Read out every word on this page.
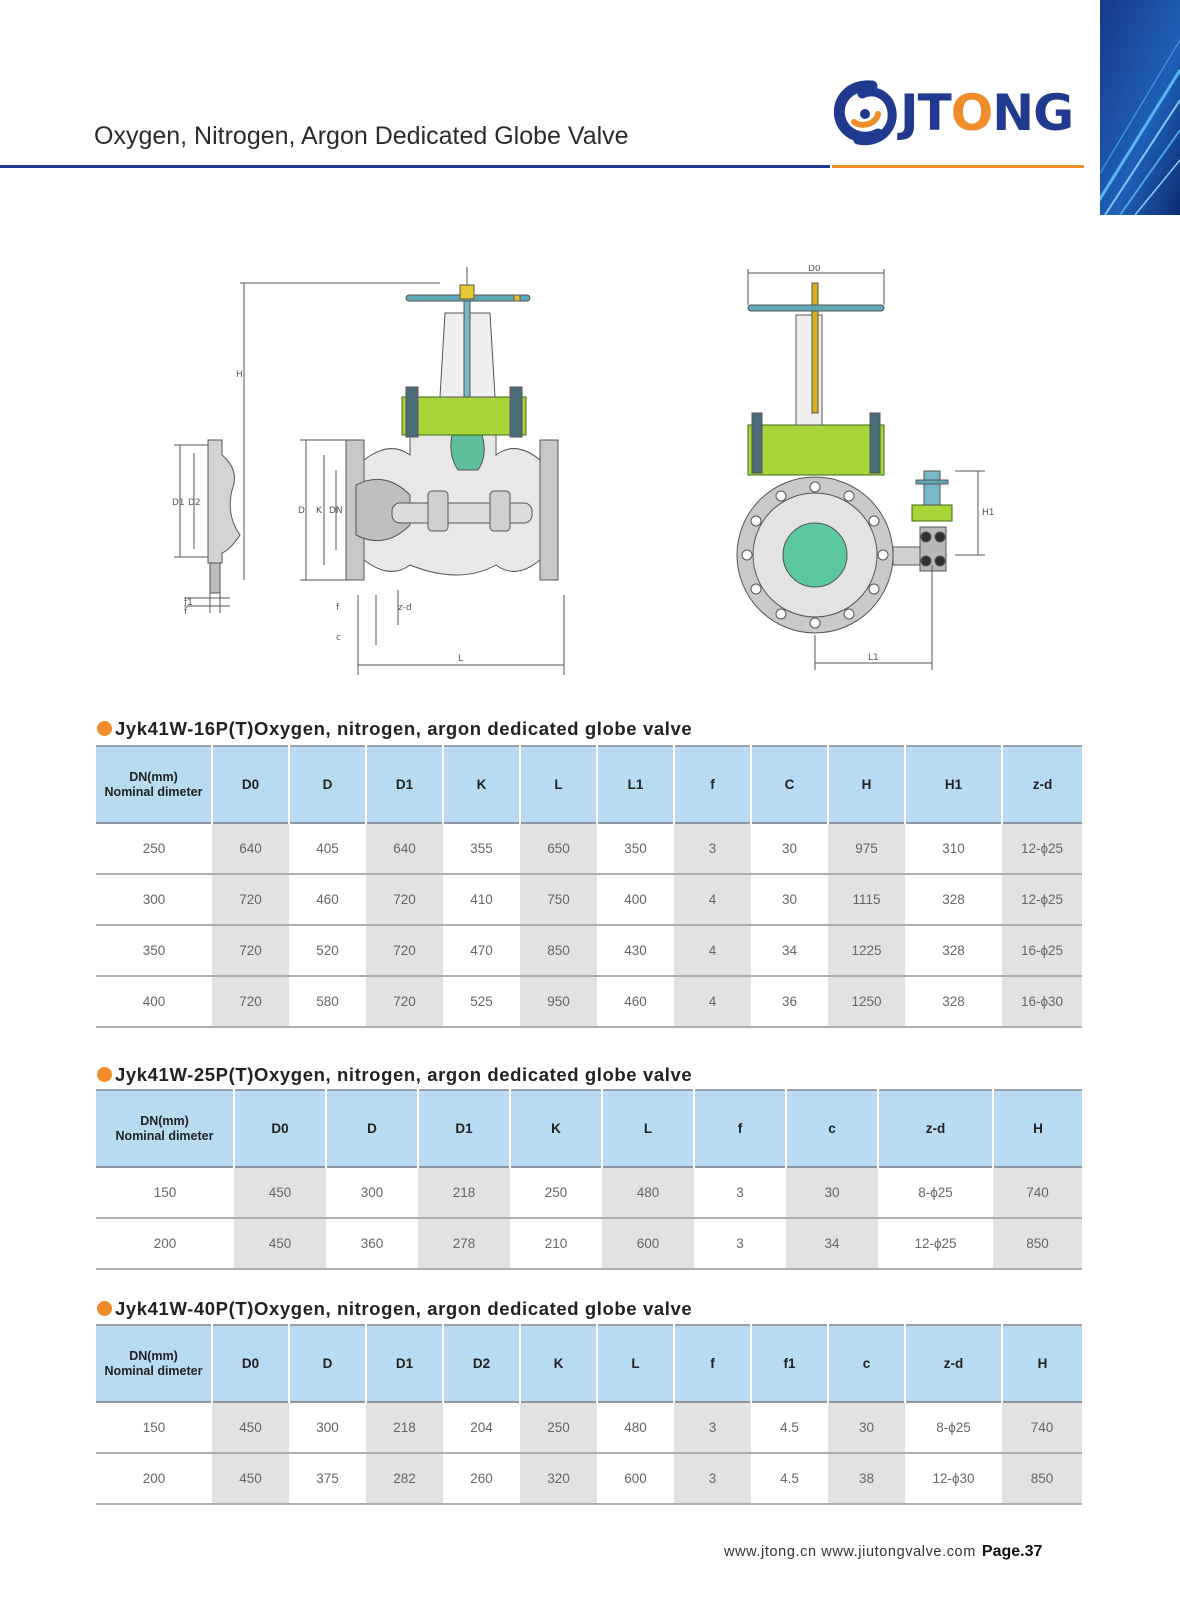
Oxygen, Nitrogen, Argon Dedicated Globe Valve	JTONG
H
D1 D2
f1
f
D K DN
f
c
z-d
L
D0
H1
L1
Jyk41W-16P(T)Oxygen, nitrogen, argon dedicated globe valve
DN(mm)
Nominal dimeter	D0	D	D1	K	L	L1	f	C	H	H1	z-d
250	640	405	640	355	650	350	3	30	975	310	12-ϕ25
300	720	460	720	410	750	400	4	30	1115	328	12-ϕ25
350	720	520	720	470	850	430	4	34	1225	328	16-ϕ25
400	720	580	720	525	950	460	4	36	1250	328	16-ϕ30
Jyk41W-25P(T)Oxygen, nitrogen, argon dedicated globe valve
DN(mm)
Nominal dimeter	D0	D	D1	K	L	f	c	z-d	H
150	450	300	218	250	480	3	30	8-ϕ25	740
200	450	360	278	210	600	3	34	12-ϕ25	850
Jyk41W-40P(T)Oxygen, nitrogen, argon dedicated globe valve
DN(mm)
Nominal dimeter	D0	D	D1	D2	K	L	f	f1	c	z-d	H
150	450	300	218	204	250	480	3	4.5	30	8-ϕ25	740
200	450	375	282	260	320	600	3	4.5	38	12-ϕ30	850
www.jtong.cn www.jiutongvalve.com Page.37
